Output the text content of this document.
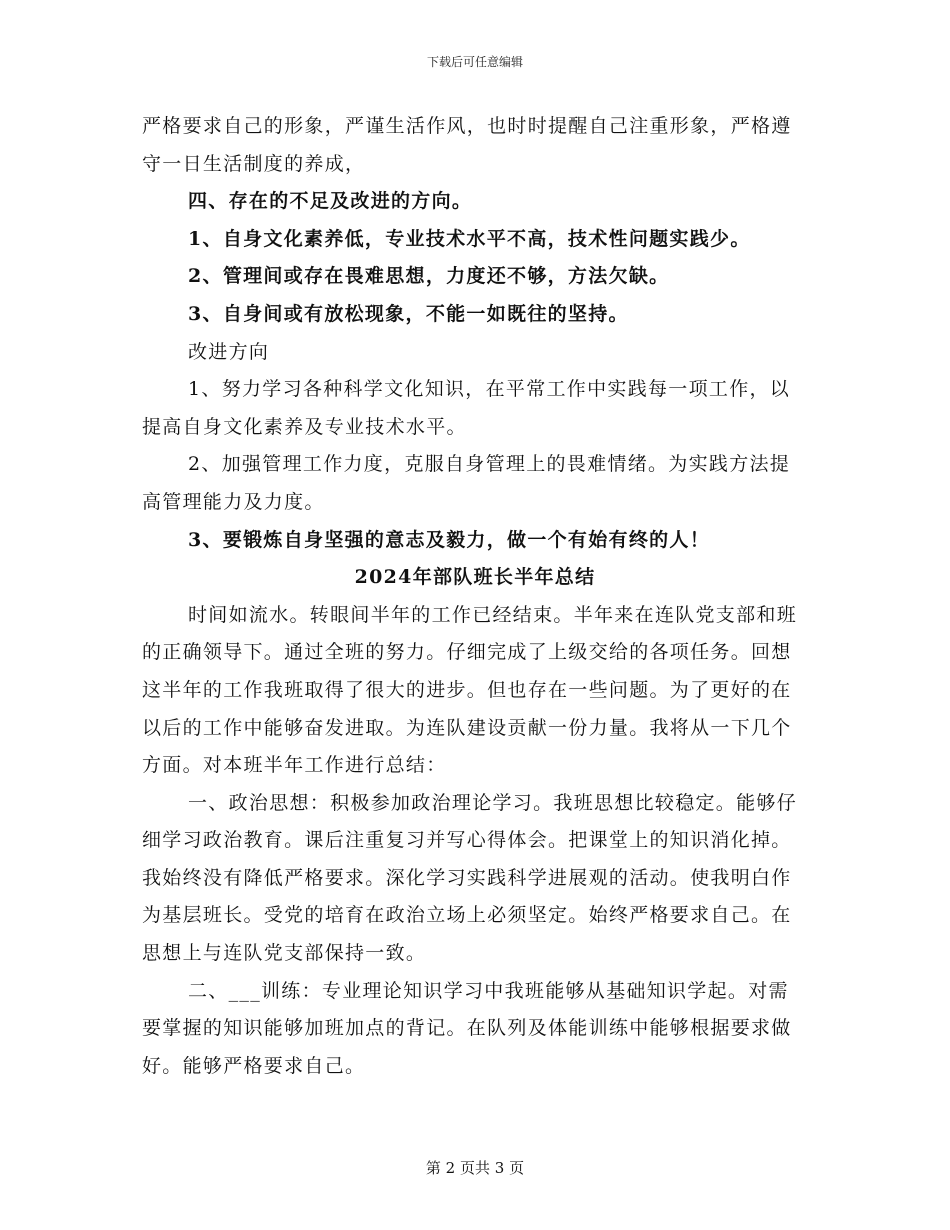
下载后可任意编辑

严格要求自己的形象，严谨生活作风，也时时提醒自己注重形象，严格遵守一日生活制度的养成，

四、存在的不足及改进的方向。

1、自身文化素养低，专业技术水平不高，技术性问题实践少。

2、管理间或存在畏难思想，力度还不够，方法欠缺。

3、自身间或有放松现象，不能一如既往的坚持。

改进方向

1、努力学习各种科学文化知识，在平常工作中实践每一项工作，以提高自身文化素养及专业技术水平。

2、加强管理工作力度，克服自身管理上的畏难情绪。为实践方法提高管理能力及力度。

3、要锻炼自身坚强的意志及毅力，做一个有始有终的人！

2024年部队班长半年总结

时间如流水。转眼间半年的工作已经结束。半年来在连队党支部和班的正确领导下。通过全班的努力。仔细完成了上级交给的各项任务。回想这半年的工作我班取得了很大的进步。但也存在一些问题。为了更好的在以后的工作中能够奋发进取。为连队建设贡献一份力量。我将从一下几个方面。对本班半年工作进行总结：

一、政治思想：积极参加政治理论学习。我班思想比较稳定。能够仔细学习政治教育。课后注重复习并写心得体会。把课堂上的知识消化掉。我始终没有降低严格要求。深化学习实践科学进展观的活动。使我明白作为基层班长。受党的培育在政治立场上必须坚定。始终严格要求自己。在思想上与连队党支部保持一致。

二、___训练：专业理论知识学习中我班能够从基础知识学起。对需要掌握的知识能够加班加点的背记。在队列及体能训练中能够根据要求做好。能够严格要求自己。

第 2 页共 3 页
